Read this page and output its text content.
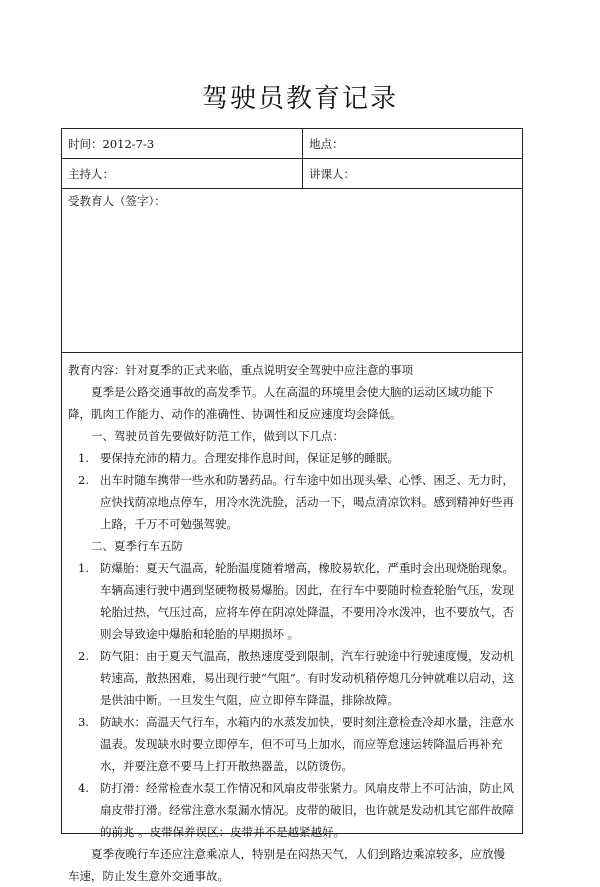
驾驶员教育记录
时间：2012-7-3	地点：
主持人：	讲课人：
受教育人（签字）：

教育内容：针对夏季的正式来临，重点说明安全驾驶中应注意的事项

夏季是公路交通事故的高发季节。人在高温的环境里会使大脑的运动区域功能下降，肌肉工作能力、动作的准确性、协调性和反应速度均会降低。

一、驾驶员首先要做好防范工作，做到以下几点：

1. 要保持充沛的精力。合理安排作息时间，保证足够的睡眠。
2. 出车时随车携带一些水和防暑药品。行车途中如出现头晕、心悸、困乏、无力时，应快找荫凉地点停车，用冷水洗洗脸，活动一下，喝点清凉饮料。感到精神好些再上路，千万不可勉强驾驶。

二、夏季行车五防

1. 防爆胎：夏天气温高，轮胎温度随着增高，橡胶易软化，严重时会出现烧胎现象。车辆高速行驶中遇到坚硬物极易爆胎。因此，在行车中要随时检查轮胎气压，发现轮胎过热，气压过高，应将车停在阴凉处降温，不要用冷水泼冲，也不要放气，否则会导致途中爆胎和轮胎的早期损坏 。
2. 防气阻：由于夏天气温高，散热速度受到限制，汽车行驶途中行驶速度慢，发动机转速高，散热困难，易出现行驶“气阻”。有时发动机稍停熄几分钟就难以启动，这是供油中断。一旦发生气阻，应立即停车降温，排除故障。
3. 防缺水：高温天气行车，水箱内的水蒸发加快，要时刻注意检查冷却水量，注意水温表。发现缺水时要立即停车，但不可马上加水，而应等怠速运转降温后再补充水，并要注意不要马上打开散热器盖，以防烫伤。
4. 防打滑：经常检查水泵工作情况和风扇皮带张紧力。风扇皮带上不可沾油，防止风扇皮带打滑。经常注意水泵漏水情况。皮带的破旧，也许就是发动机其它部件故障的前兆 。皮带保养误区：皮带并不是越紧越好。

夏季夜晚行车还应注意乘凉人，特别是在闷热天气，人们到路边乘凉较多，应放慢车速，防止发生意外交通事故。
